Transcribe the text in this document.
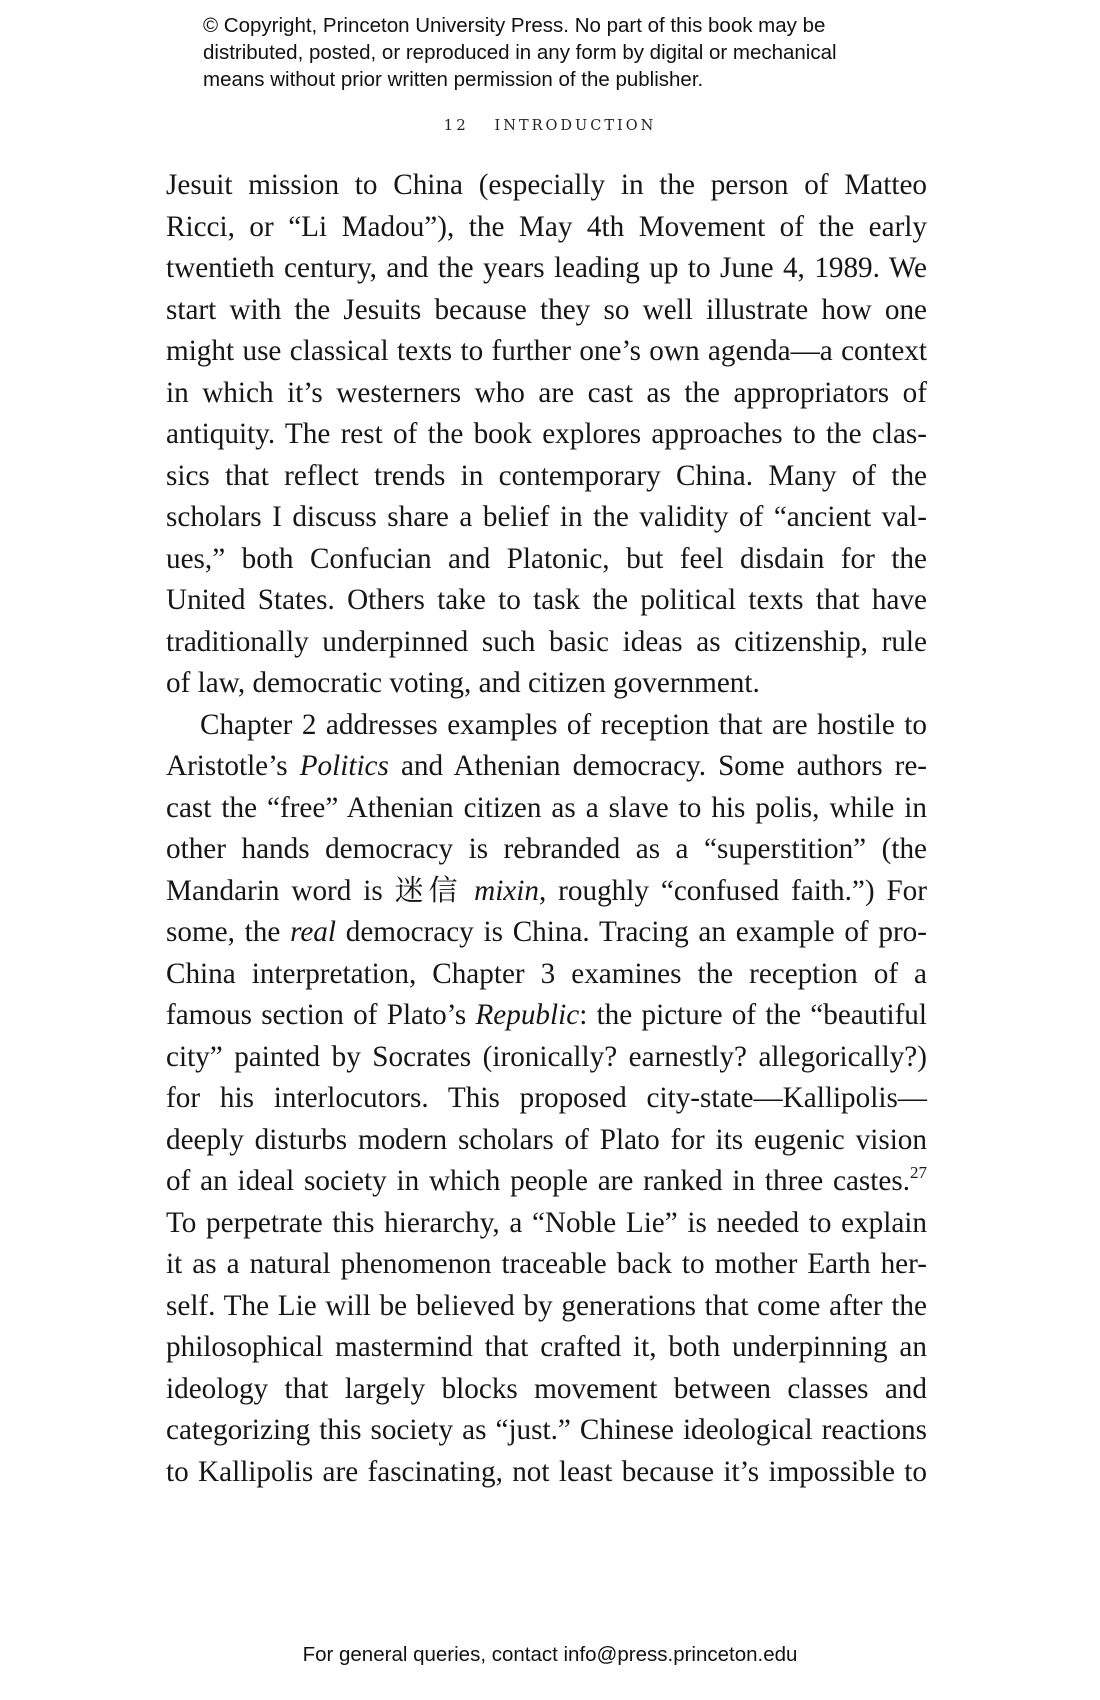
© Copyright, Princeton University Press. No part of this book may be
distributed, posted, or reproduced in any form by digital or mechanical
means without prior written permission of the publisher.
12 INTRODUCTION
Jesuit mission to China (especially in the person of Matteo
Ricci, or “Li Madou”), the May 4th Movement of the early
twentieth century, and the years leading up to June 4, 1989. We
start with the Jesuits because they so well illustrate how one
might use classical texts to further one’s own agenda—a context
in which it’s westerners who are cast as the appropriators of
antiquity. The rest of the book explores approaches to the clas-
sics that reflect trends in contemporary China. Many of the
scholars I discuss share a belief in the validity of “ancient val-
ues,” both Confucian and Platonic, but feel disdain for the
United States. Others take to task the political texts that have
traditionally underpinned such basic ideas as citizenship, rule
of law, democratic voting, and citizen government.
Chapter 2 addresses examples of reception that are hostile to
Aristotle’s Politics and Athenian democracy. Some authors re-
cast the “free” Athenian citizen as a slave to his polis, while in
other hands democracy is rebranded as a “superstition” (the
Mandarin word is 迷信 mixin, roughly “confused faith.”) For
some, the real democracy is China. Tracing an example of pro-
China interpretation, Chapter 3 examines the reception of a
famous section of Plato’s Republic: the picture of the “beautiful
city” painted by Socrates (ironically? earnestly? allegorically?)
for his interlocutors. This proposed city-state—Kallipolis—
deeply disturbs modern scholars of Plato for its eugenic vision
of an ideal society in which people are ranked in three castes.$^{27}$
To perpetrate this hierarchy, a “Noble Lie” is needed to explain
it as a natural phenomenon traceable back to mother Earth her-
self. The Lie will be believed by generations that come after the
philosophical mastermind that crafted it, both underpinning an
ideology that largely blocks movement between classes and
categorizing this society as “just.” Chinese ideological reactions
to Kallipolis are fascinating, not least because it’s impossible to
For general queries, contact info@press.princeton.edu
